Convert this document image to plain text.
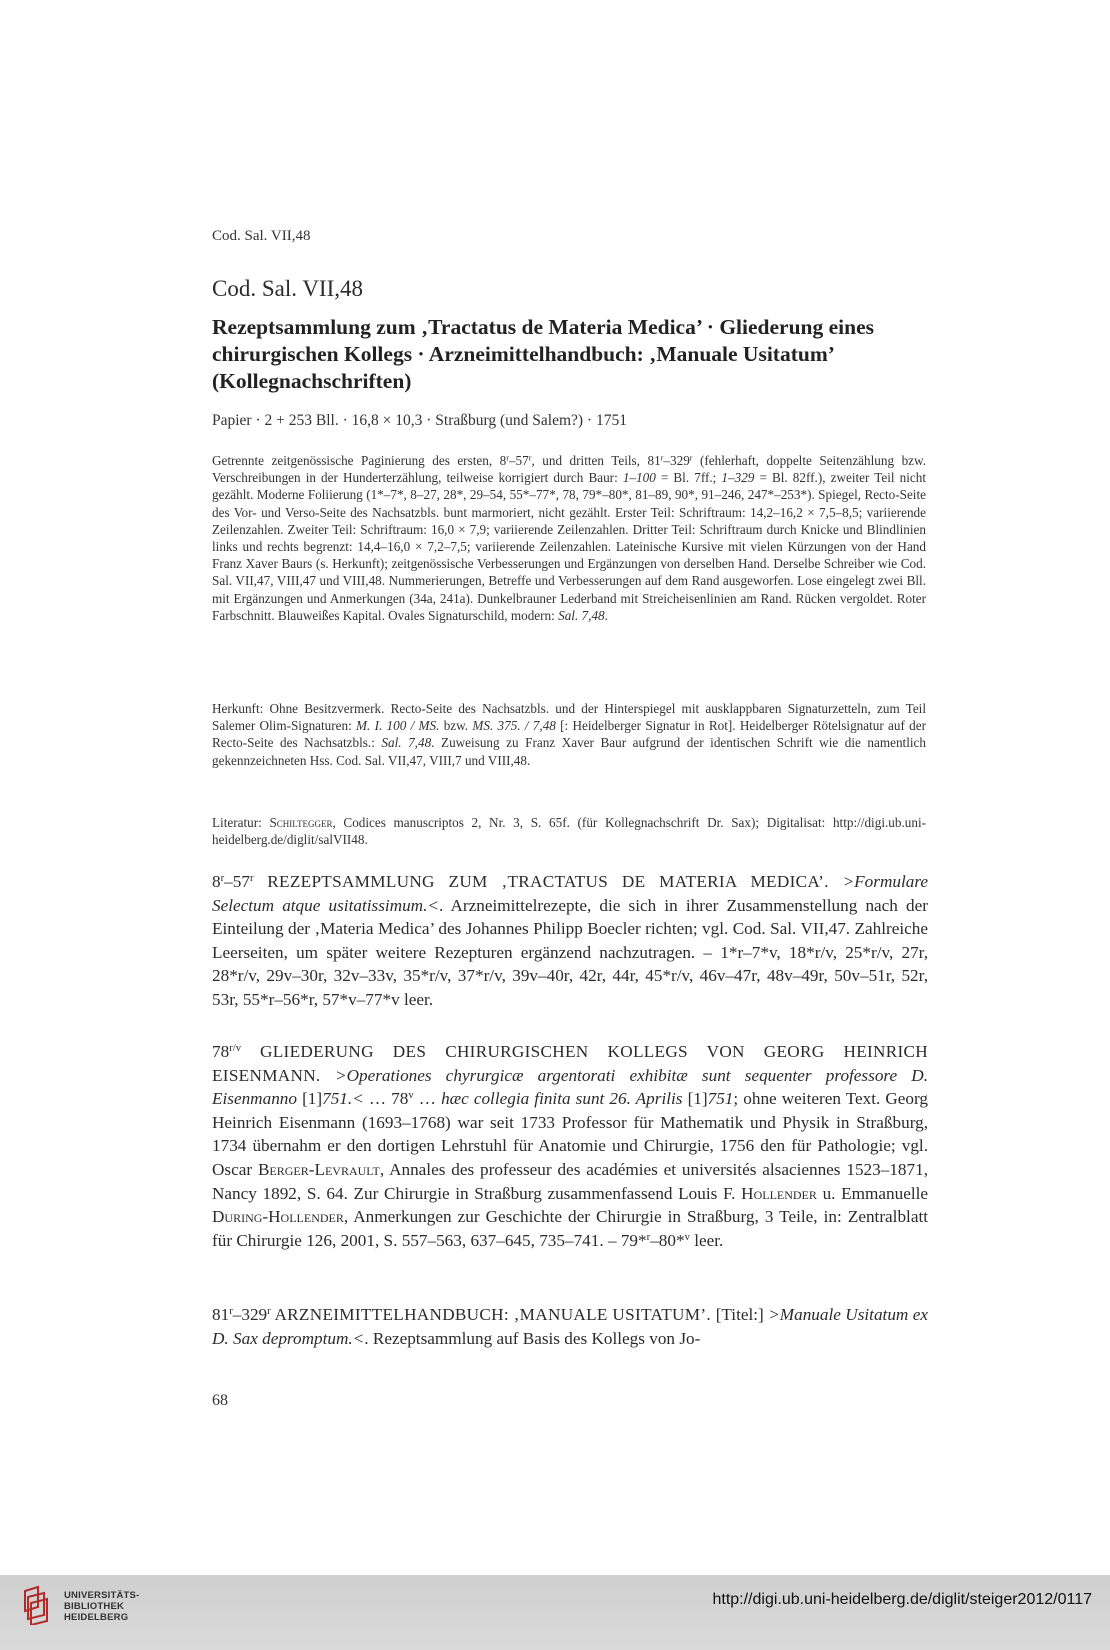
Cod. Sal. VII,48
Cod. Sal. VII,48
Rezeptsammlung zum ‚Tractatus de Materia Medica’ · Gliederung eines
chirurgischen Kollegs · Arzneimittelhandbuch: ‚Manuale Usitatum’
(Kollegnachschriften)
Papier · 2 + 253 Bll. · 16,8 × 10,3 · Straßburg (und Salem?) · 1751
Getrennte zeitgenössische Paginierung des ersten, 8$^r$–57$^r$, und dritten Teils, 81$^r$–329$^r$ (fehlerhaft, doppelte Seitenzählung bzw. Verschreibungen in der Hunderterzählung, teilweise korrigiert durch Baur: 1–100 = Bl. 7ff.; 1–329 = Bl. 82ff.), zweiter Teil nicht gezählt. Moderne Foliierung (1*–7*, 8–27, 28*, 29–54, 55*–77*, 78, 79*–80*, 81–89, 90*, 91–246, 247*–253*). Spiegel, Recto-Seite des Vor- und Verso-Seite des Nachsatzbls. bunt marmoriert, nicht gezählt. Erster Teil: Schriftraum: 14,2–16,2 × 7,5–8,5; variierende Zeilenzahlen. Zweiter Teil: Schriftraum: 16,0 × 7,9; variierende Zeilenzahlen. Dritter Teil: Schriftraum durch Knicke und Blindlinien links und rechts begrenzt: 14,4–16,0 × 7,2–7,5; variierende Zeilenzahlen. Lateinische Kursive mit vielen Kürzungen von der Hand Franz Xaver Baurs (s. Herkunft); zeitgenössische Verbesserungen und Ergänzungen von derselben Hand. Derselbe Schreiber wie Cod. Sal. VII,47, VIII,47 und VIII,48. Nummerierungen, Betreffe und Verbesserungen auf dem Rand ausgeworfen. Lose eingelegt zwei Bll. mit Ergänzungen und Anmerkungen (34a, 241a). Dunkelbrauner Lederband mit Streicheisenlinien am Rand. Rücken vergoldet. Roter Farbschnitt. Blauweißes Kapital. Ovales Signaturschild, modern: Sal. 7,48.
Herkunft: Ohne Besitzvermerk. Recto-Seite des Nachsatzbls. und der Hinterspiegel mit ausklappbaren Signaturzetteln, zum Teil Salemer Olim-Signaturen: M. I. 100 / MS. bzw. MS. 375. / 7,48 [: Heidelberger Signatur in Rot]. Heidelberger Rötelsignatur auf der Recto-Seite des Nachsatzbls.: Sal. 7,48. Zuweisung zu Franz Xaver Baur aufgrund der identischen Schrift wie die namentlich gekennzeichneten Hss. Cod. Sal. VII,47, VIII,7 und VIII,48.
Literatur: Schiltegger, Codices manuscriptos 2, Nr. 3, S. 65f. (für Kollegnachschrift Dr. Sax); Digitalisat: http://digi.ub.uni-heidelberg.de/diglit/salVII48.
8$^r$–57$^r$ REZEPTSAMMLUNG ZUM ‚TRACTATUS DE MATERIA MEDICA’. >Formulare Selectum atque usitatissimum.<. Arzneimittelrezepte, die sich in ihrer Zusammenstellung nach der Einteilung der ‚Materia Medica’ des Johannes Philipp Boecler richten; vgl. Cod. Sal. VII,47. Zahlreiche Leerseiten, um später weitere Rezepturen ergänzend nachzutragen. – 1*r–7*v, 18*r/v, 25*r/v, 27r, 28*r/v, 29v–30r, 32v–33v, 35*r/v, 37*r/v, 39v–40r, 42r, 44r, 45*r/v, 46v–47r, 48v–49r, 50v–51r, 52r, 53r, 55*r–56*r, 57*v–77*v leer.
$78^{r/v}$ GLIEDERUNG DES CHIRURGISCHEN KOLLEGS VON GEORG HEINRICH EISENMANN. >Operationes chyrurgicæ argentorati exhibitæ sunt sequenter professore D. Eisenmanno [1]751.< … 78$^v$ … hæc collegia finita sunt 26. Aprilis [1]751; ohne weiteren Text. Georg Heinrich Eisenmann (1693–1768) war seit 1733 Professor für Mathematik und Physik in Straßburg, 1734 übernahm er den dortigen Lehrstuhl für Anatomie und Chirurgie, 1756 den für Pathologie; vgl. Oscar Berger-Levrault, Annales des professeur des académies et universités alsaciennes 1523–1871, Nancy 1892, S. 64. Zur Chirurgie in Straßburg zusammenfassend Louis F. Hollender u. Emmanuelle During-Hollender, Anmerkungen zur Geschichte der Chirurgie in Straßburg, 3 Teile, in: Zentralblatt für Chirurgie 126, 2001, S. 557–563, 637–645, 735–741. – 79*$^r$–80*$^v$ leer.
81$^r$–329$^r$ ARZNEIMITTELHANDBUCH: ‚MANUALE USITATUM’. [Titel:] >Manuale Usitatum ex D. Sax depromptum.<. Rezeptsammlung auf Basis des Kollegs von Jo-
68
UNIVERSITÄTS-
BIBLIOTHEK
HEIDELBERG
http://digi.ub.uni-heidelberg.de/diglit/steiger2012/0117
